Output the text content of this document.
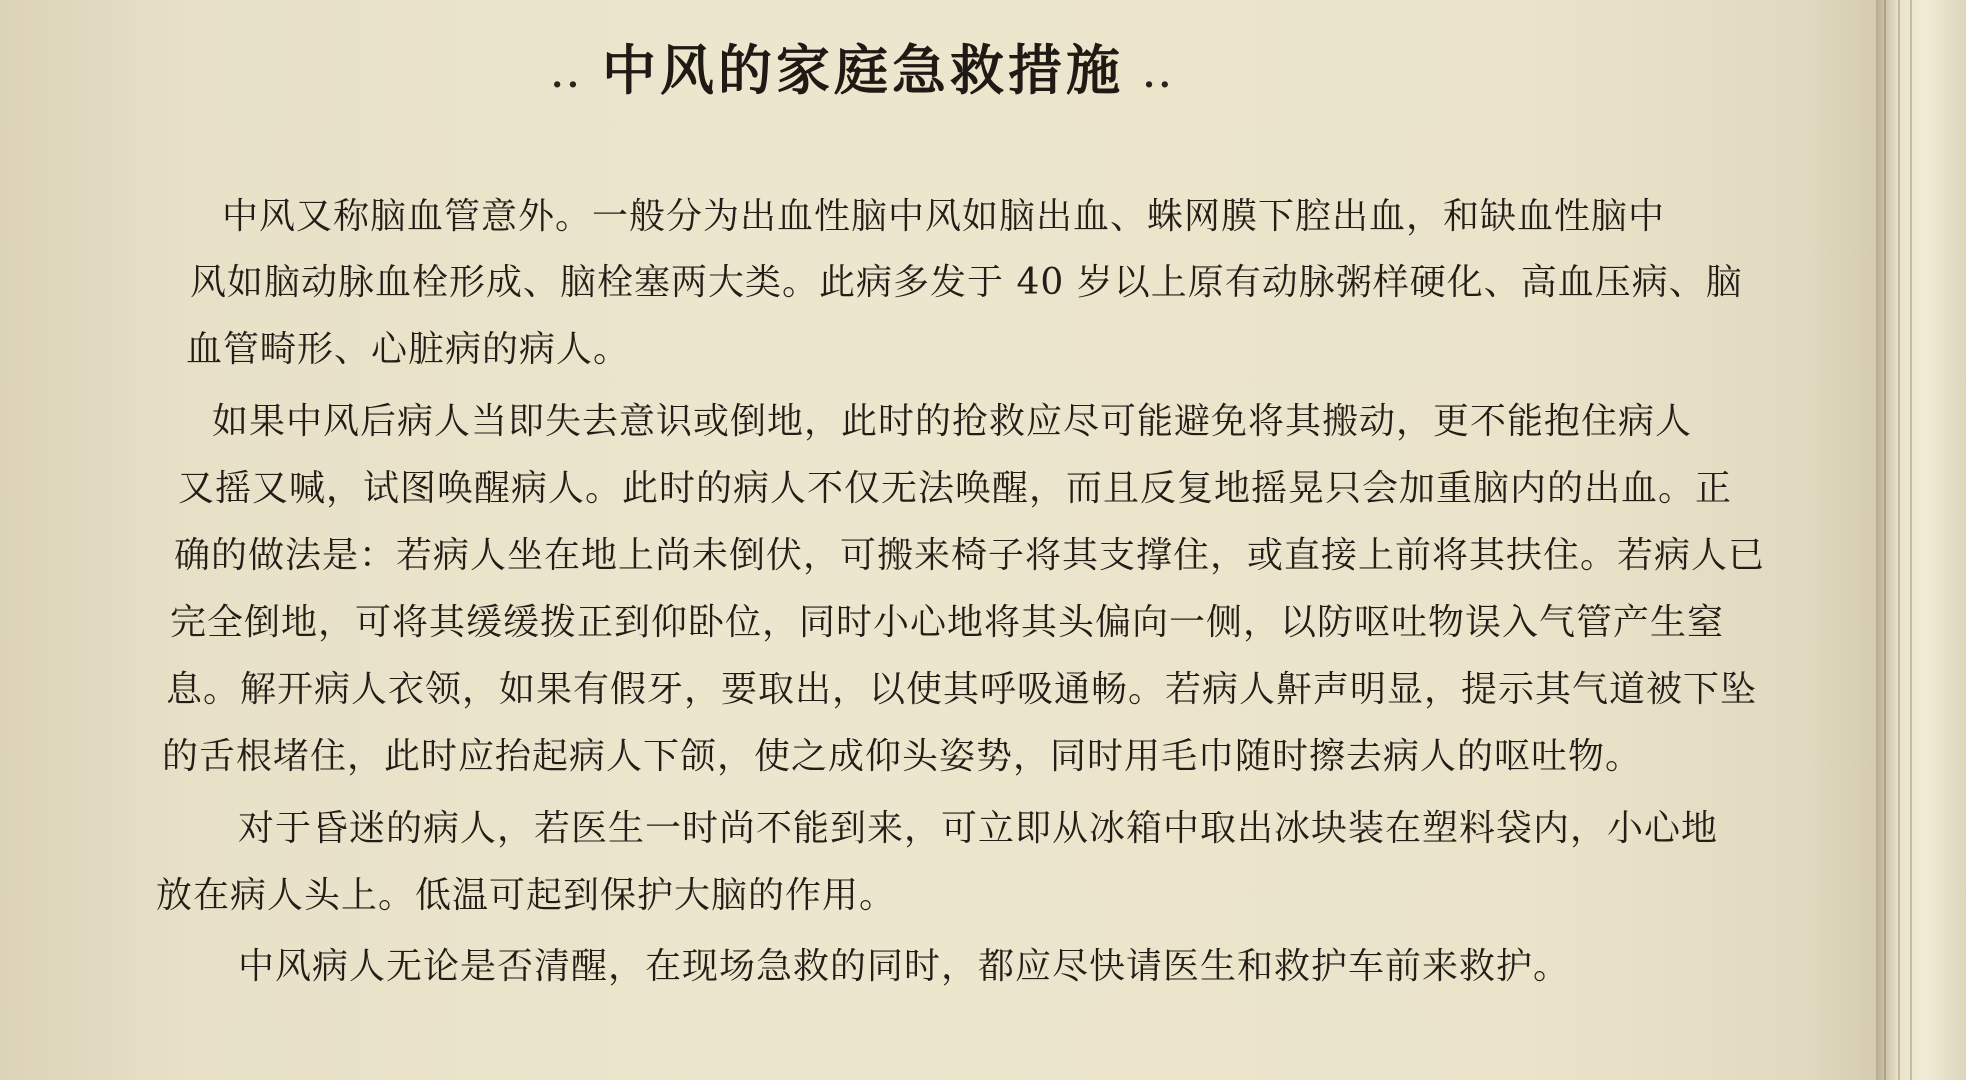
·· 中风的家庭急救措施 ··
中风又称脑血管意外。一般分为出血性脑中风如脑出血、蛛网膜下腔出血，和缺血性脑中
风如脑动脉血栓形成、脑栓塞两大类。此病多发于 40 岁以上原有动脉粥样硬化、高血压病、脑
血管畸形、心脏病的病人。
如果中风后病人当即失去意识或倒地，此时的抢救应尽可能避免将其搬动，更不能抱住病人
又摇又喊，试图唤醒病人。此时的病人不仅无法唤醒，而且反复地摇晃只会加重脑内的出血。正
确的做法是：若病人坐在地上尚未倒伏，可搬来椅子将其支撑住，或直接上前将其扶住。若病人已
完全倒地，可将其缓缓拨正到仰卧位，同时小心地将其头偏向一侧，以防呕吐物误入气管产生窒
息。解开病人衣领，如果有假牙，要取出，以使其呼吸通畅。若病人鼾声明显，提示其气道被下坠
的舌根堵住，此时应抬起病人下颌，使之成仰头姿势，同时用毛巾随时擦去病人的呕吐物。
对于昏迷的病人，若医生一时尚不能到来，可立即从冰箱中取出冰块装在塑料袋内，小心地
放在病人头上。低温可起到保护大脑的作用。
中风病人无论是否清醒，在现场急救的同时，都应尽快请医生和救护车前来救护。
